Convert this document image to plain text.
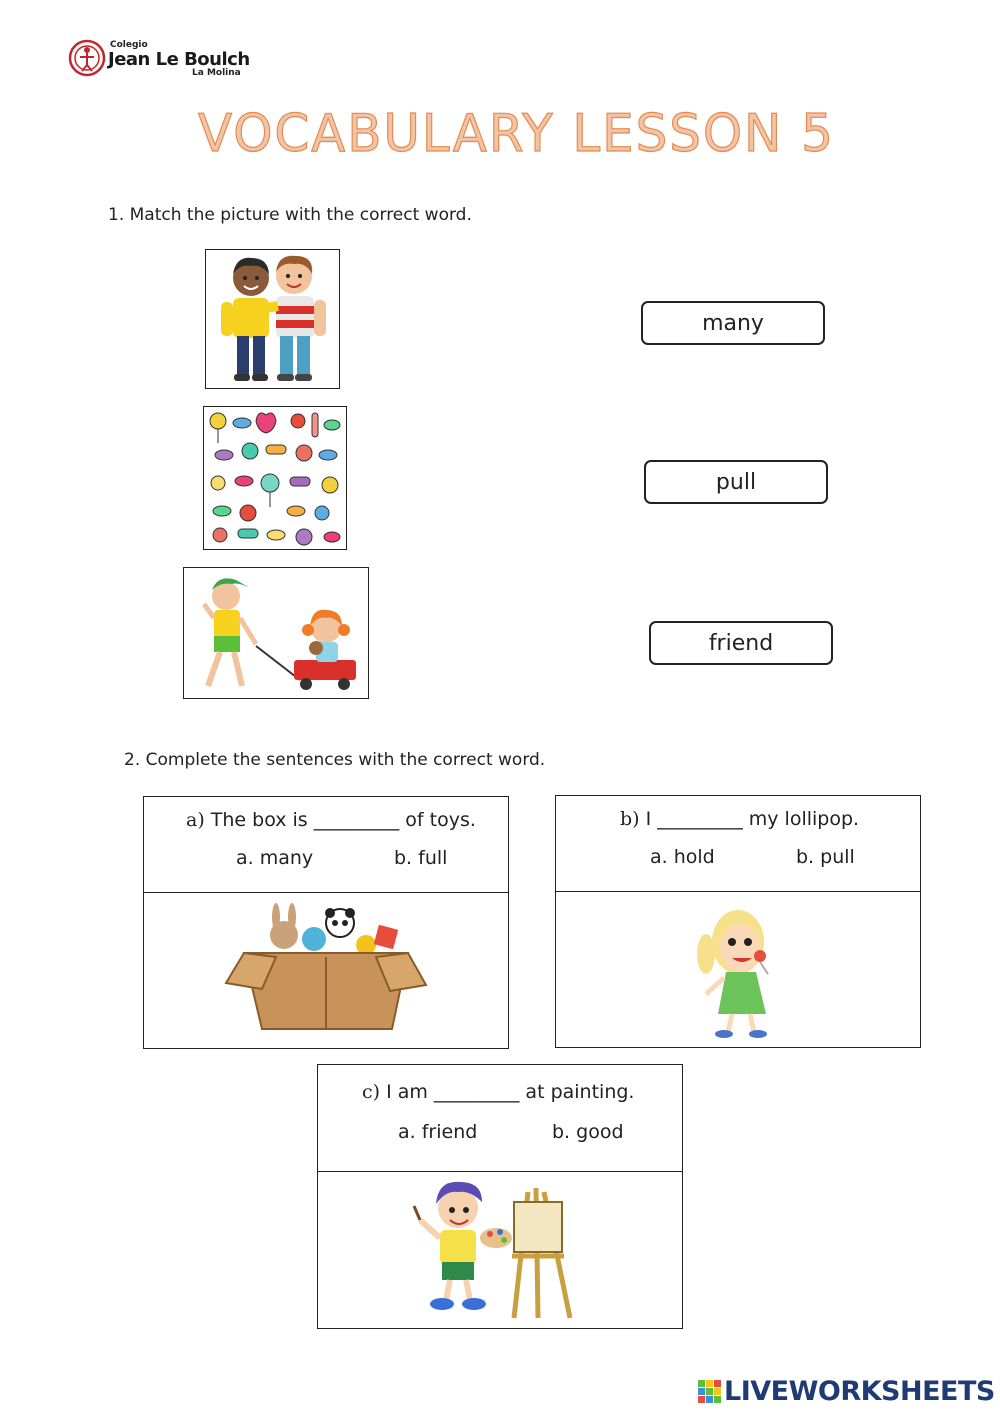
Colegio
Jean Le Boulch
La Molina
VOCABULARY LESSON 5
1. Match the picture with the correct word.
many
pull
friend
2. Complete the sentences with the correct word.
a) The box is _________ of toys.
a. many	b. full
b) I _________ my lollipop.
a. hold	b. pull
c) I am _________ at painting.
a. friend	b. good
LIVEWORKSHEETS
